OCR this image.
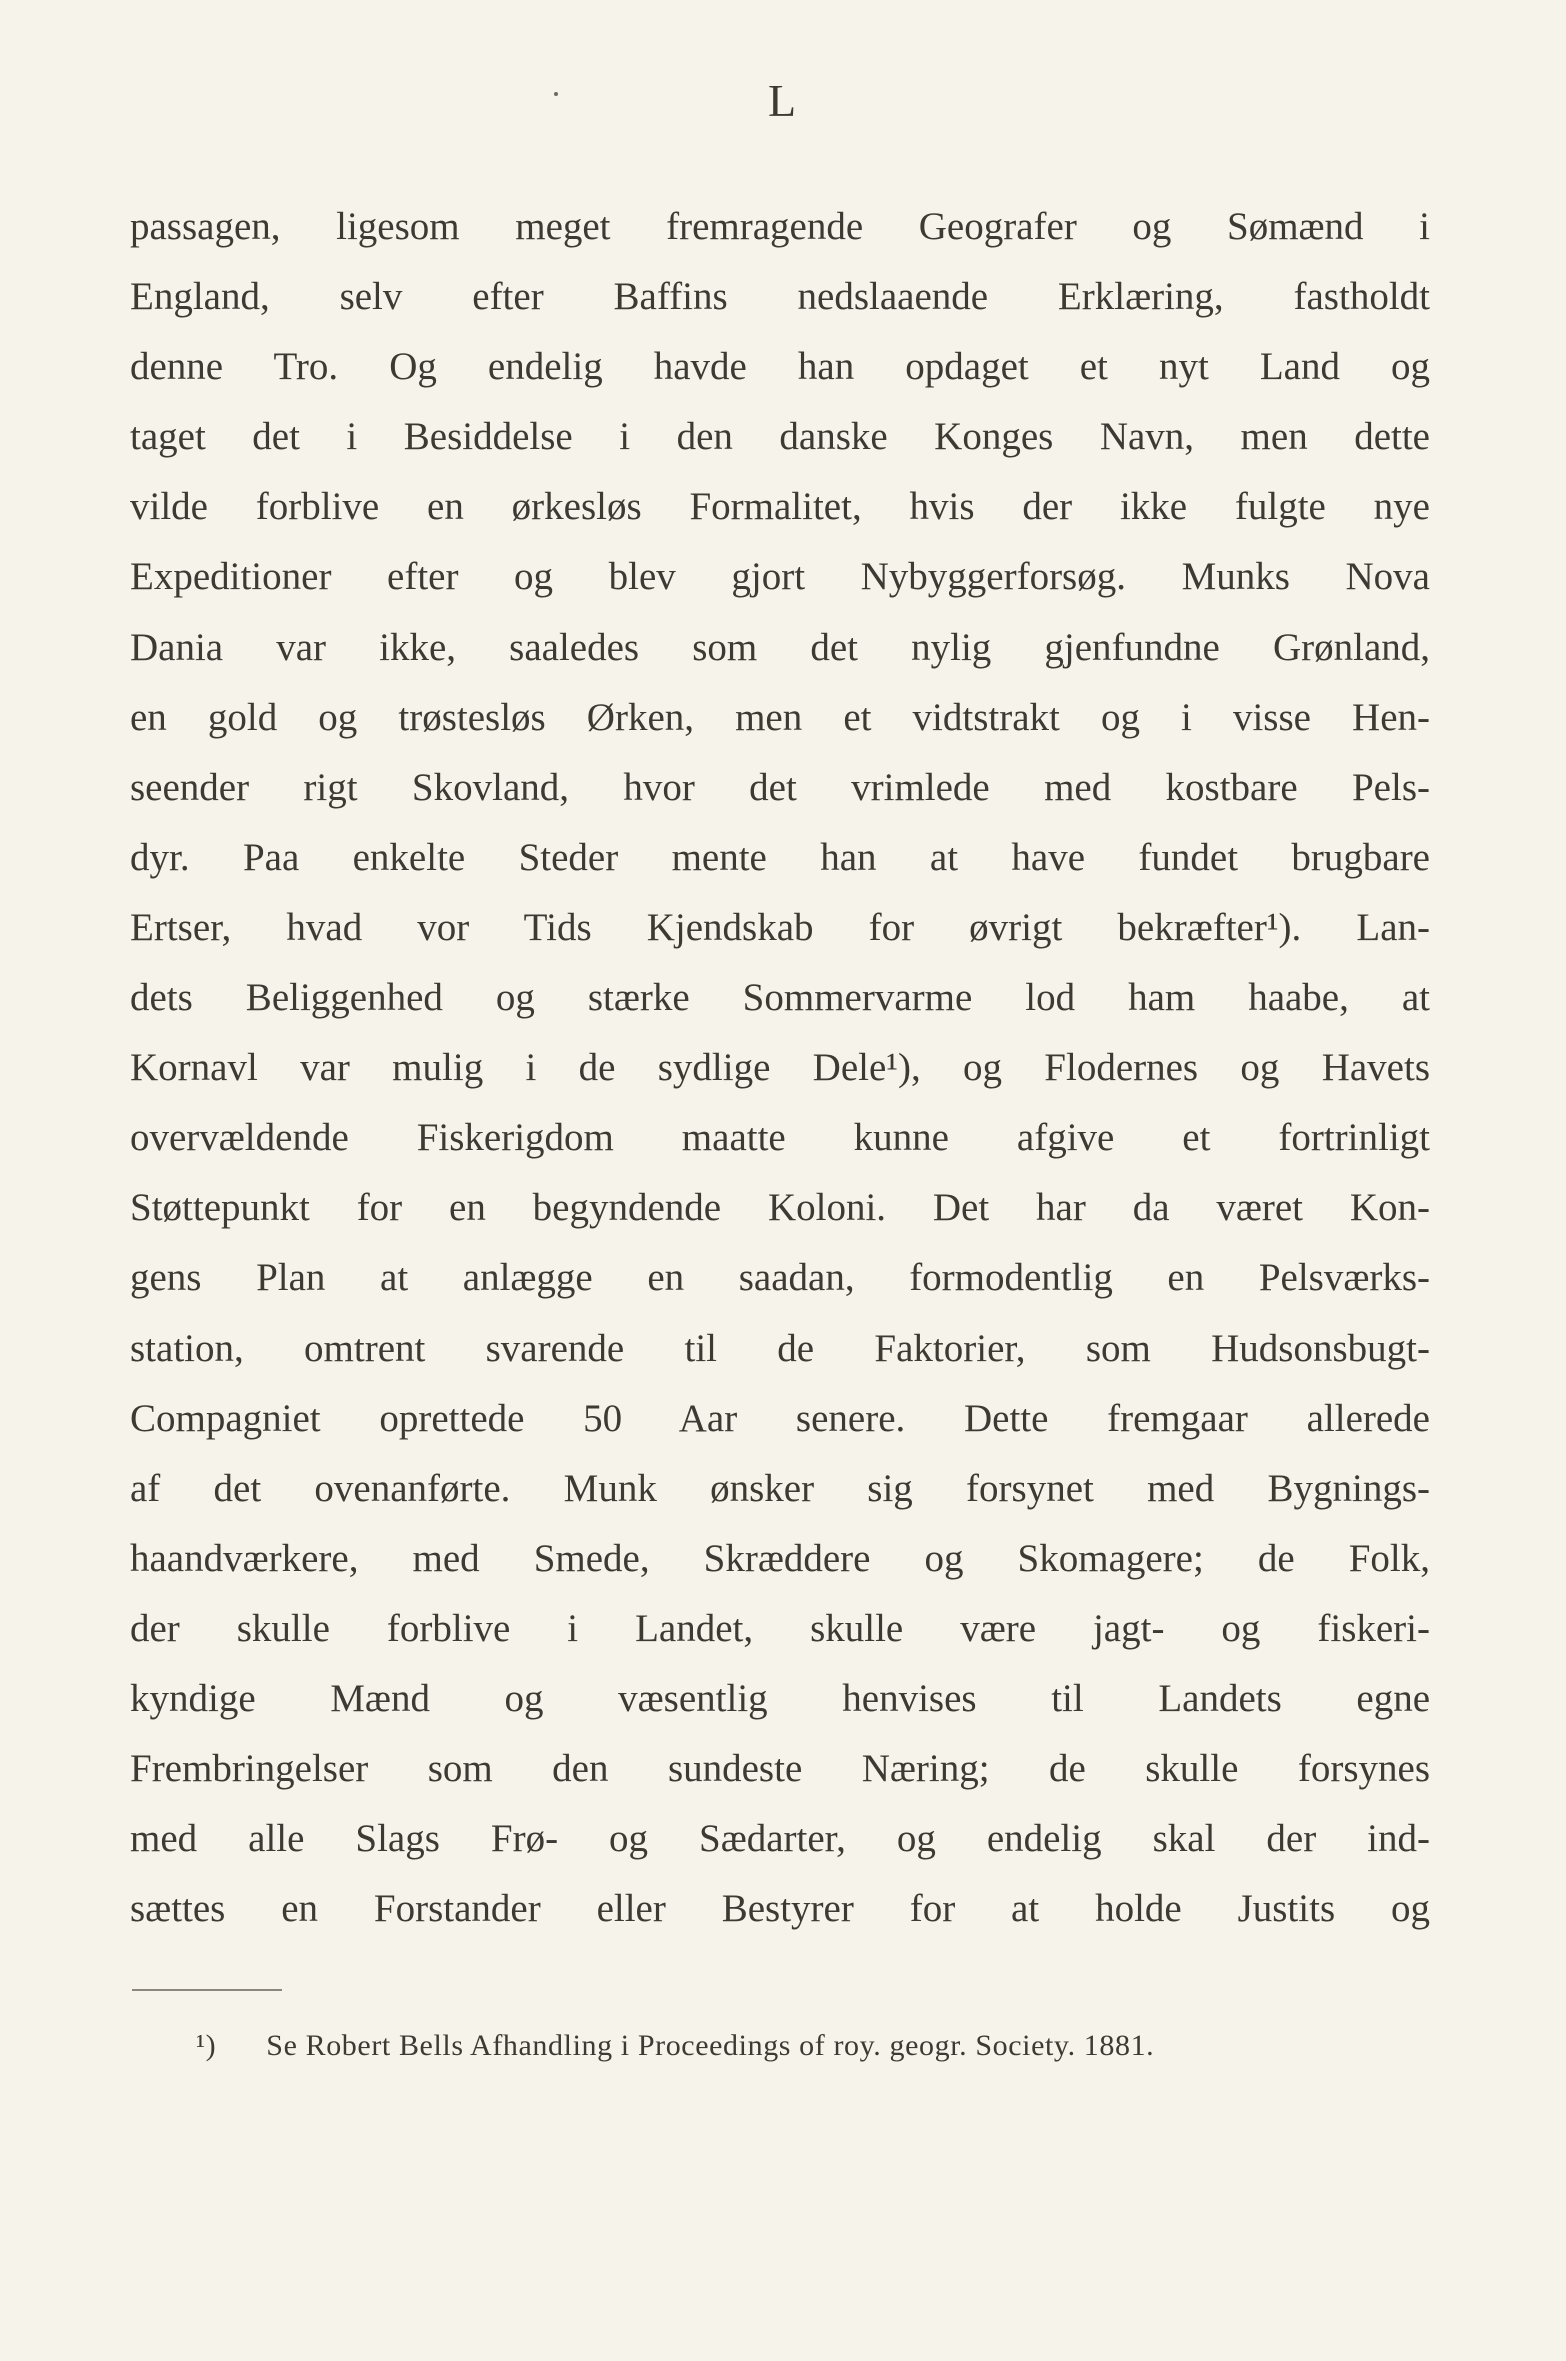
L
passagen, ligesom meget fremragende Geografer og Sømænd i
England, selv efter Baffins nedslaaende Erklæring, fastholdt
denne Tro. Og endelig havde han opdaget et nyt Land og
taget det i Besiddelse i den danske Konges Navn, men dette
vilde forblive en ørkesløs Formalitet, hvis der ikke fulgte nye
Expeditioner efter og blev gjort Nybyggerforsøg. Munks Nova
Dania var ikke, saaledes som det nylig gjenfundne Grønland,
en gold og trøstesløs Ørken, men et vidtstrakt og i visse Hen-
seender rigt Skovland, hvor det vrimlede med kostbare Pels-
dyr. Paa enkelte Steder mente han at have fundet brugbare
Ertser, hvad vor Tids Kjendskab for øvrigt bekræfter¹). Lan-
dets Beliggenhed og stærke Sommervarme lod ham haabe, at
Kornavl var mulig i de sydlige Dele¹), og Flodernes og Havets
overvældende Fiskerigdom maatte kunne afgive et fortrinligt
Støttepunkt for en begyndende Koloni. Det har da været Kon-
gens Plan at anlægge en saadan, formodentlig en Pelsværks-
station, omtrent svarende til de Faktorier, som Hudsonsbugt-
Compagniet oprettede 50 Aar senere. Dette fremgaar allerede
af det ovenanførte. Munk ønsker sig forsynet med Bygnings-
haandværkere, med Smede, Skræddere og Skomagere; de Folk,
der skulle forblive i Landet, skulle være jagt- og fiskeri-
kyndige Mænd og væsentlig henvises til Landets egne
Frembringelser som den sundeste Næring; de skulle forsynes
med alle Slags Frø- og Sædarter, og endelig skal der ind-
sættes en Forstander eller Bestyrer for at holde Justits og
¹) Se Robert Bells Afhandling i Proceedings of roy. geogr. Society. 1881.
